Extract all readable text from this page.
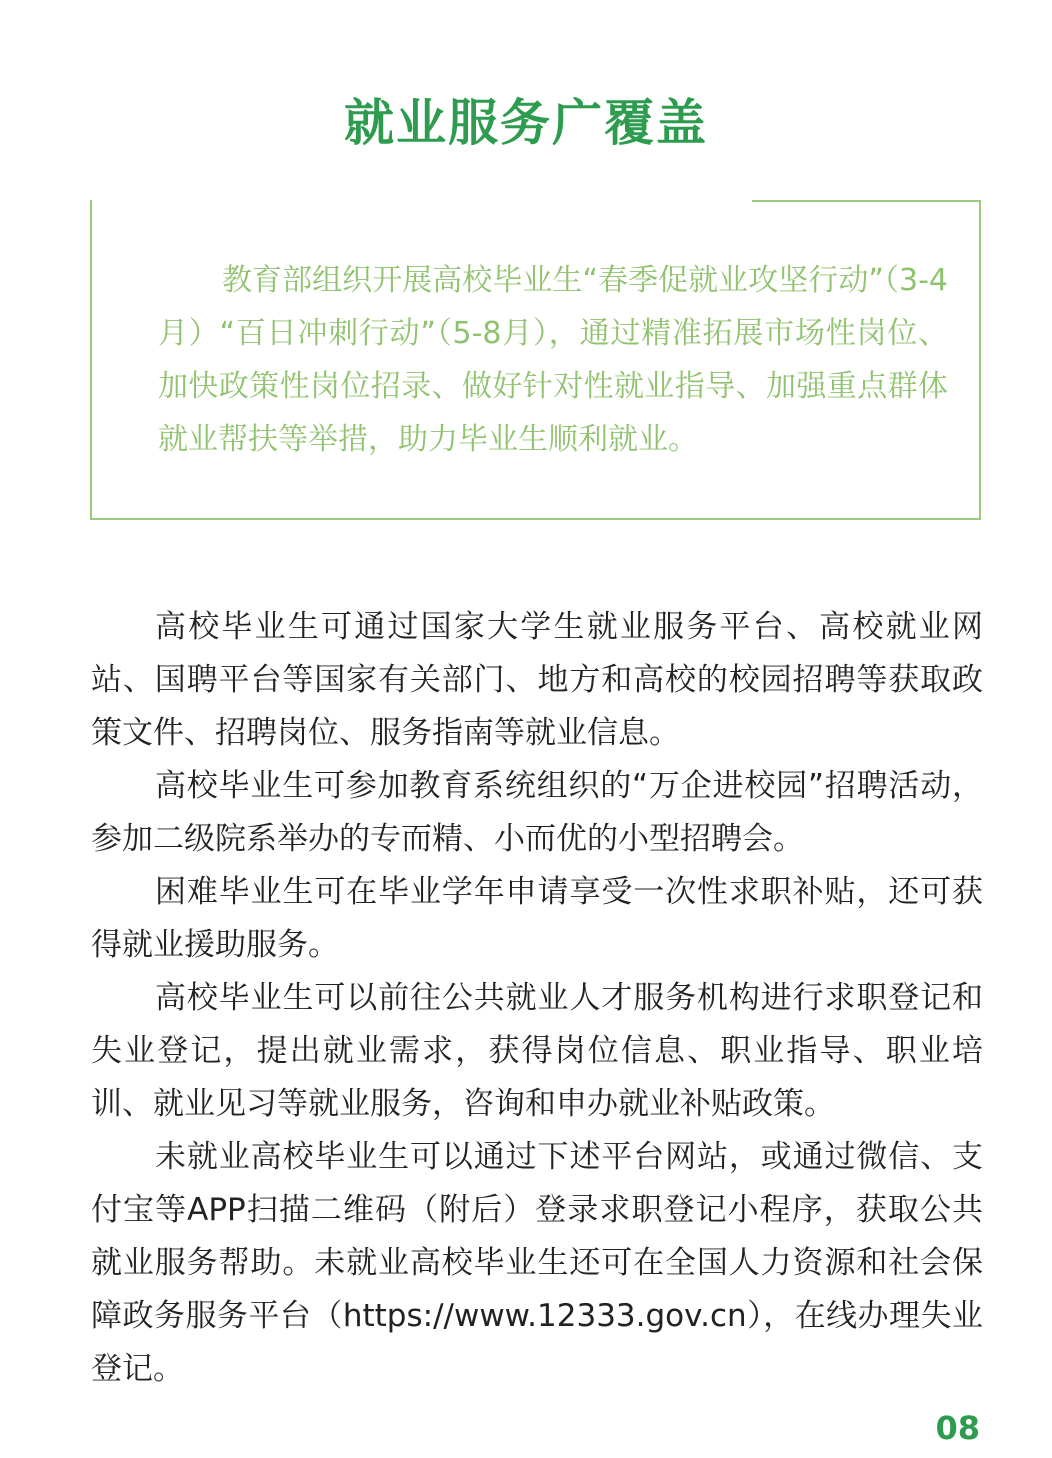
就业服务广覆盖

教育部组织开展高校毕业生“春季促就业攻坚行动”（3-4月）“百日冲刺行动”（5-8月），通过精准拓展市场性岗位、加快政策性岗位招录、做好针对性就业指导、加强重点群体就业帮扶等举措，助力毕业生顺利就业。

高校毕业生可通过国家大学生就业服务平台、高校就业网站、国聘平台等国家有关部门、地方和高校的校园招聘等获取政策文件、招聘岗位、服务指南等就业信息。

高校毕业生可参加教育系统组织的“万企进校园”招聘活动，参加二级院系举办的专而精、小而优的小型招聘会。

困难毕业生可在毕业学年申请享受一次性求职补贴，还可获得就业援助服务。

高校毕业生可以前往公共就业人才服务机构进行求职登记和失业登记，提出就业需求，获得岗位信息、职业指导、职业培训、就业见习等就业服务，咨询和申办就业补贴政策。

未就业高校毕业生可以通过下述平台网站，或通过微信、支付宝等APP扫描二维码（附后）登录求职登记小程序，获取公共就业服务帮助。未就业高校毕业生还可在全国人力资源和社会保障政务服务平台（https://www.12333.gov.cn），在线办理失业登记。

08
